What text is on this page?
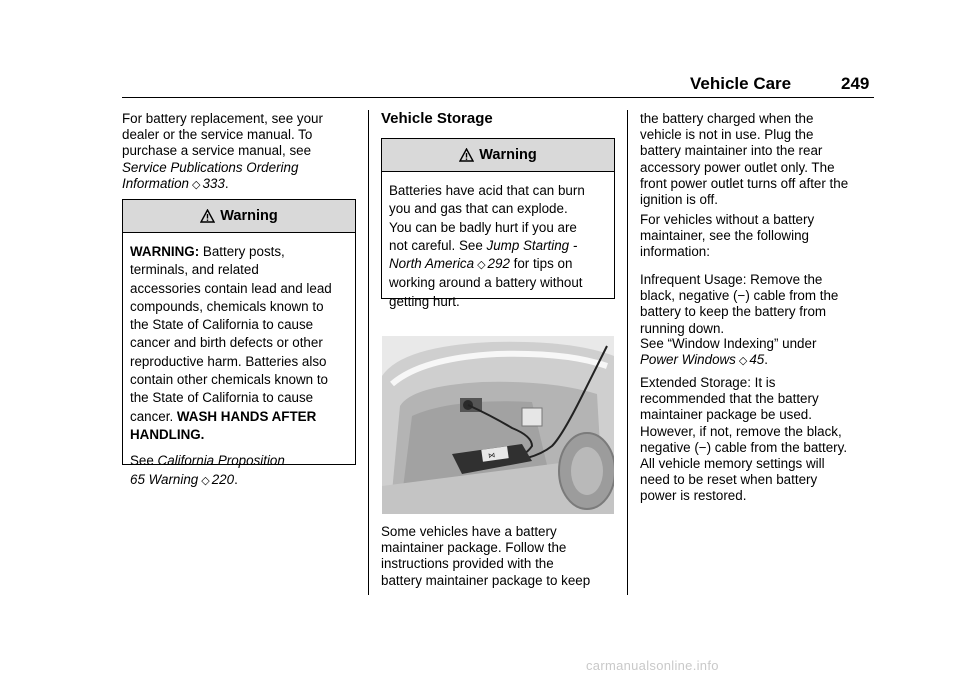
Vehicle Care	249
For battery replacement, see your
dealer or the service manual. To
purchase a service manual, see
Service Publications Ordering
Information ◇ 333.
Warning

WARNING: Battery posts,
terminals, and related
accessories contain lead and lead
compounds, chemicals known to
the State of California to cause
cancer and birth defects or other
reproductive harm. Batteries also
contain other chemicals known to
the State of California to cause
cancer. WASH HANDS AFTER
HANDLING.

See California Proposition
65 Warning ◇ 220.

Vehicle Storage
Warning

Batteries have acid that can burn
you and gas that can explode.
You can be badly hurt if you are
not careful. See Jump Starting -
North America ◇ 292 for tips on
working around a battery without
getting hurt.

⋈
Some vehicles have a battery
maintainer package. Follow the
instructions provided with the
battery maintainer package to keep
the battery charged when the
vehicle is not in use. Plug the
battery maintainer into the rear
accessory power outlet only. The
front power outlet turns off after the
ignition is off.
For vehicles without a battery
maintainer, see the following
information:
Infrequent Usage: Remove the
black, negative (−) cable from the
battery to keep the battery from
running down.
See “Window Indexing” under
Power Windows ◇ 45.
Extended Storage: It is
recommended that the battery
maintainer package be used.
However, if not, remove the black,
negative (−) cable from the battery.
All vehicle memory settings will
need to be reset when battery
power is restored.
carmanualsonline.info
